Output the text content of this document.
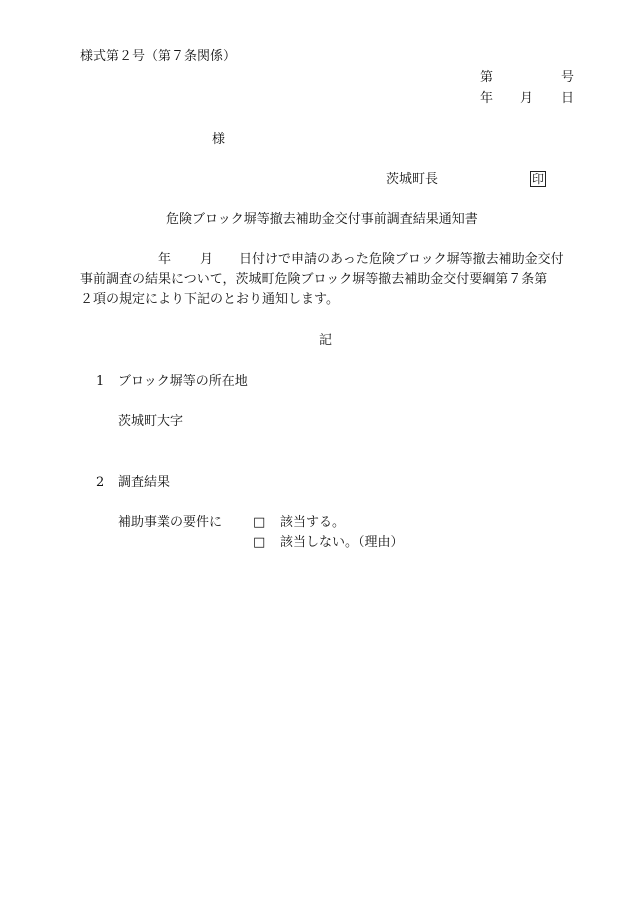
様式第２号（第７条関係）
第	号
年 月 日
様
茨城町長	印
危険ブロック塀等撤去補助金交付事前調査結果通知書
年 月 日付けで申請のあった危険ブロック塀等撤去補助金交付
事前調査の結果について，茨城町危険ブロック塀等撤去補助金交付要綱第７条第
２項の規定により下記のとおり通知します。
記
1 ブロック塀等の所在地
茨城町大字
2 調査結果
補助事業の要件に □ 該当する。
□ 該当しない。（理由）
